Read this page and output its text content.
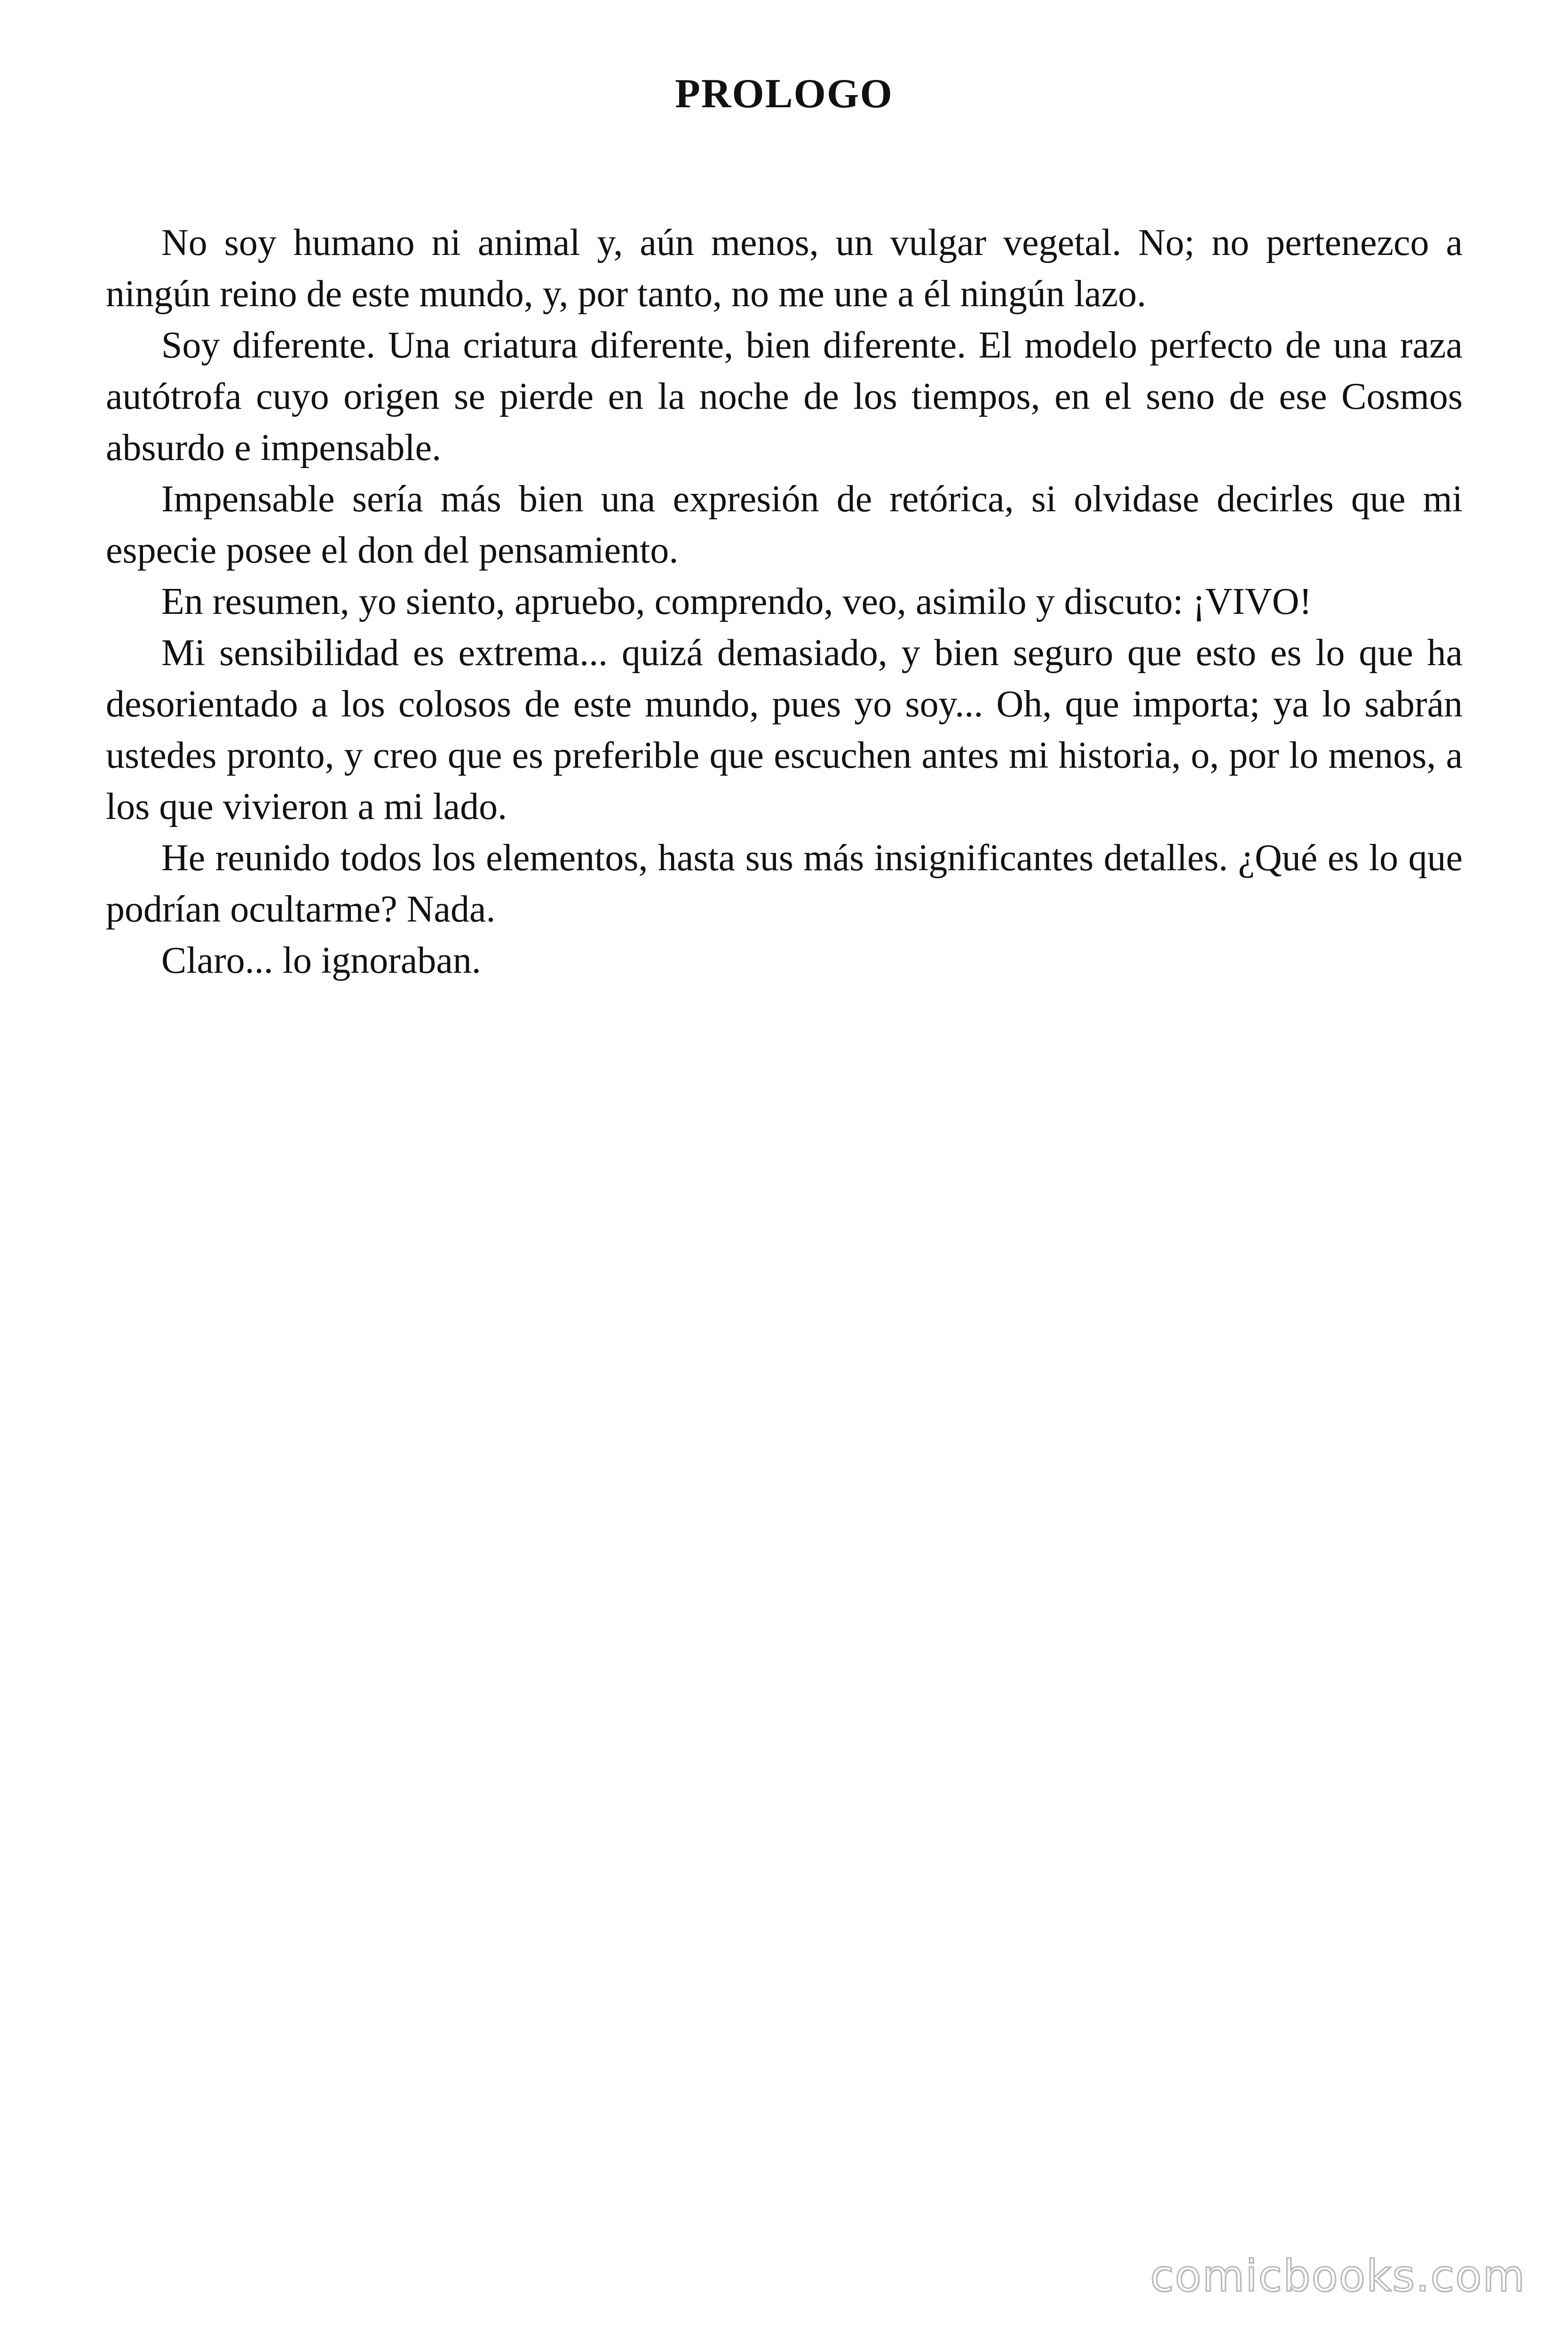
PROLOGO

No soy humano ni animal y, aún menos, un vulgar vegetal. No; no pertenezco a ningún reino de este mundo, y, por tanto, no me une a él ningún lazo.

Soy diferente. Una criatura diferente, bien diferente. El modelo perfecto de una raza autótrofa cuyo origen se pierde en la noche de los tiempos, en el seno de ese Cosmos absurdo e impensable.

Impensable sería más bien una expresión de retórica, si olvidase decirles que mi especie posee el don del pensamiento.

En resumen, yo siento, apruebo, comprendo, veo, asimilo y discuto: ¡VIVO!

Mi sensibilidad es extrema... quizá demasiado, y bien seguro que esto es lo que ha desorientado a los colosos de este mundo, pues yo soy... Oh, que importa; ya lo sabrán ustedes pronto, y creo que es preferible que escuchen antes mi historia, o, por lo menos, a los que vivieron a mi lado.

He reunido todos los elementos, hasta sus más insignificantes detalles. ¿Qué es lo que podrían ocultarme? Nada.

Claro... lo ignoraban.

comicbooks.com
